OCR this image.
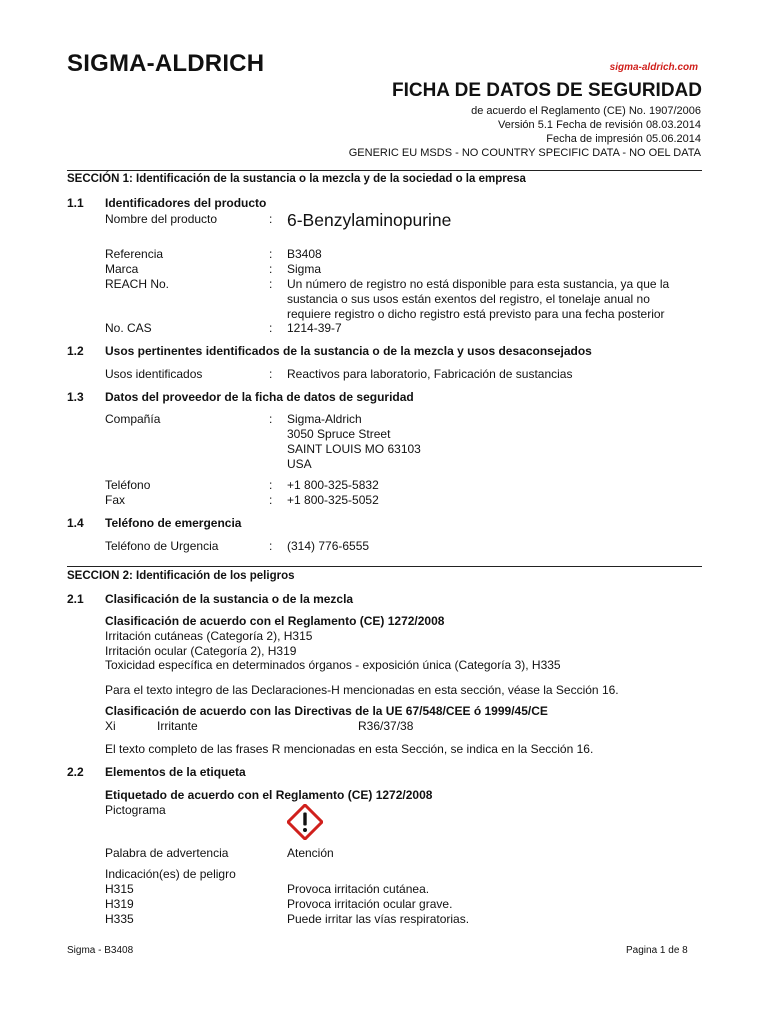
SIGMA-ALDRICH	sigma-aldrich.com
FICHA DE DATOS DE SEGURIDAD
de acuerdo el Reglamento (CE) No. 1907/2006
Versión 5.1 Fecha de revisión 08.03.2014
Fecha de impresión 05.06.2014
GENERIC EU MSDS - NO COUNTRY SPECIFIC DATA - NO OEL DATA
SECCIÓN 1: Identificación de la sustancia o la mezcla y de la sociedad o la empresa
1.1 Identificadores del producto
Nombre del producto	: 6-Benzylaminopurine
Referencia	: B3408
Marca	: Sigma
REACH No.	: Un número de registro no está disponible para esta sustancia, ya que la
sustancia o sus usos están exentos del registro, el tonelaje anual no
requiere registro o dicho registro está previsto para una fecha posterior
No. CAS	: 1214-39-7
1.2 Usos pertinentes identificados de la sustancia o de la mezcla y usos desaconsejados
Usos identificados	: Reactivos para laboratorio, Fabricación de sustancias
1.3 Datos del proveedor de la ficha de datos de seguridad
Compañía	: Sigma-Aldrich
3050 Spruce Street
SAINT LOUIS MO 63103
USA
Teléfono	: +1 800-325-5832
Fax	: +1 800-325-5052
1.4 Teléfono de emergencia
Teléfono de Urgencia	: (314) 776-6555
SECCION 2: Identificación de los peligros
2.1 Clasificación de la sustancia o de la mezcla
Clasificación de acuerdo con el Reglamento (CE) 1272/2008
Irritación cutáneas (Categoría 2), H315
Irritación ocular (Categoría 2), H319
Toxicidad específica en determinados órganos - exposición única (Categoría 3), H335
Para el texto integro de las Declaraciones-H mencionadas en esta sección, véase la Sección 16.
Clasificación de acuerdo con las Directivas de la UE 67/548/CEE ó 1999/45/CE
Xi	Irritante	R36/37/38
El texto completo de las frases R mencionadas en esta Sección, se indica en la Sección 16.
2.2 Elementos de la etiqueta
Etiquetado de acuerdo con el Reglamento (CE) 1272/2008
Pictograma
Palabra de advertencia	Atención
Indicación(es) de peligro
H315	Provoca irritación cutánea.
H319	Provoca irritación ocular grave.
H335	Puede irritar las vías respiratorias.
Sigma - B3408	Pagina 1 de 8
